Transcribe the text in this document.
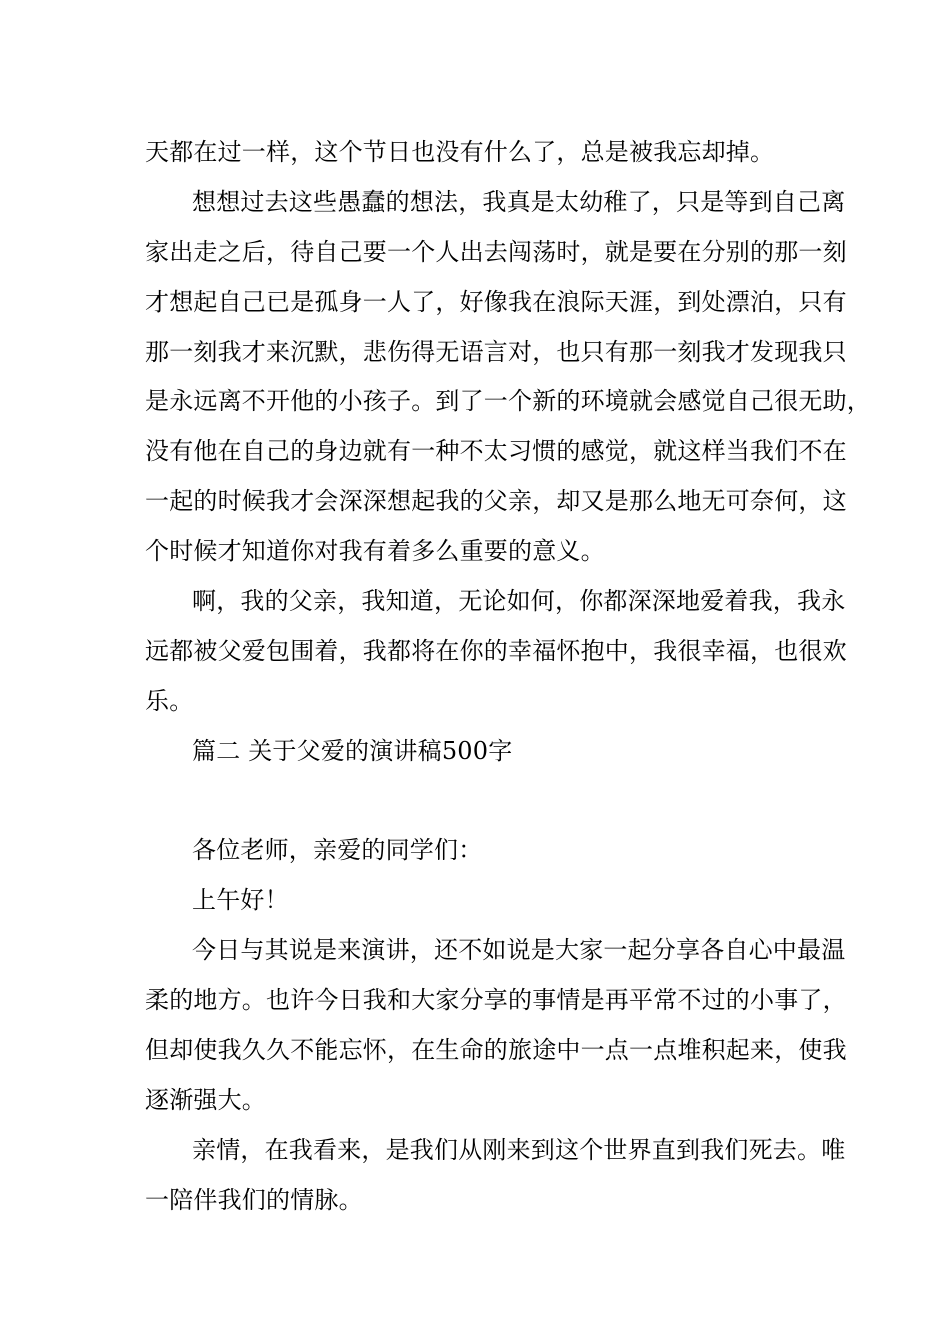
天都在过一样，这个节日也没有什么了，总是被我忘却掉。
想想过去这些愚蠢的想法，我真是太幼稚了，只是等到自己离
家出走之后，待自己要一个人出去闯荡时，就是要在分别的那一刻
才想起自己已是孤身一人了，好像我在浪际天涯，到处漂泊，只有
那一刻我才来沉默，悲伤得无语言对，也只有那一刻我才发现我只
是永远离不开他的小孩子。到了一个新的环境就会感觉自己很无助，
没有他在自己的身边就有一种不太习惯的感觉，就这样当我们不在
一起的时候我才会深深想起我的父亲，却又是那么地无可奈何，这
个时候才知道你对我有着多么重要的意义。
啊，我的父亲，我知道，无论如何，你都深深地爱着我，我永
远都被父爱包围着，我都将在你的幸福怀抱中，我很幸福，也很欢
乐。
篇二 关于父爱的演讲稿500字
各位老师，亲爱的同学们：
上午好！
今日与其说是来演讲，还不如说是大家一起分享各自心中最温
柔的地方。也许今日我和大家分享的事情是再平常不过的小事了，
但却使我久久不能忘怀，在生命的旅途中一点一点堆积起来，使我
逐渐强大。
亲情，在我看来，是我们从刚来到这个世界直到我们死去。唯
一陪伴我们的情脉。
